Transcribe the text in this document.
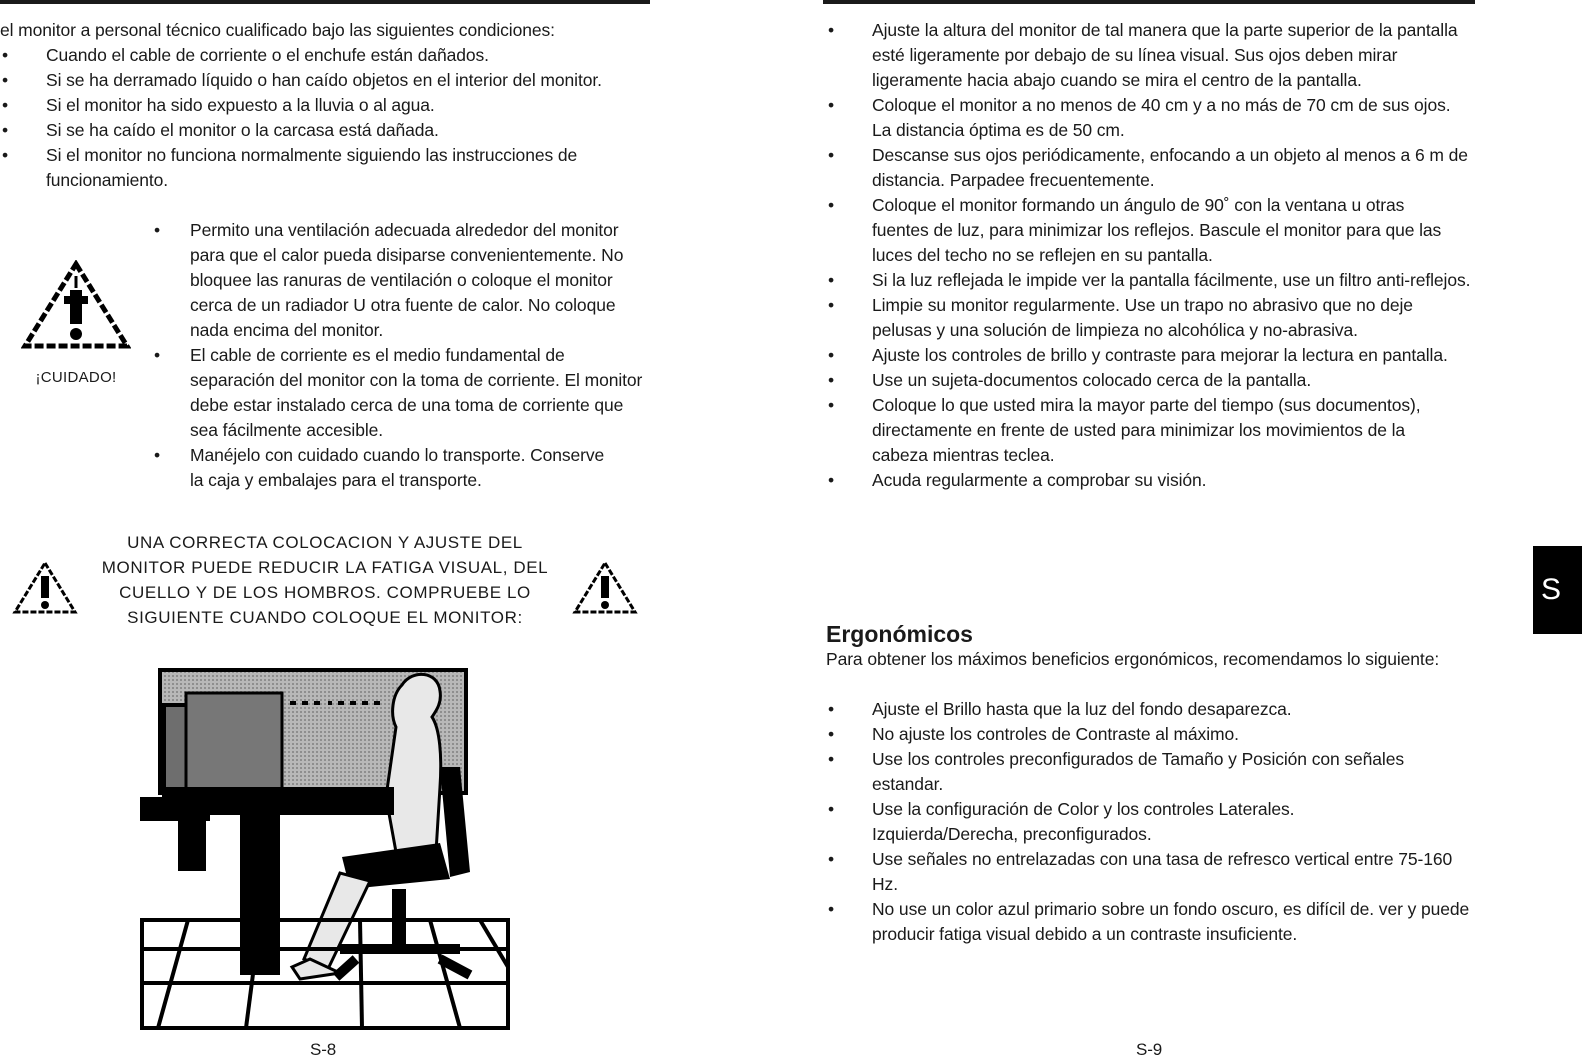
el monitor a personal técnico cualificado bajo las siguientes condiciones:
• Cuando el cable de corriente o el enchufe están dañados.
• Si se ha derramado líquido o han caído objetos en el interior del monitor.
• Si el monitor ha sido expuesto a la lluvia o al agua.
• Si se ha caído el monitor o la carcasa está dañada.
• Si el monitor no funciona normalmente siguiendo las instrucciones de funcionamiento.
¡CUIDADO!
• Permito una ventilación adecuada alrededor del monitor para que el calor pueda disiparse convenientemente. No bloquee las ranuras de ventilación o coloque el monitor cerca de un radiador U otra fuente de calor. No coloque nada encima del monitor.
• El cable de corriente es el medio fundamental de separación del monitor con la toma de corriente. El monitor debe estar instalado cerca de una toma de corriente que sea fácilmente accesible.
• Manéjelo con cuidado cuando lo transporte. Conserve la caja y embalajes para el transporte.
UNA CORRECTA COLOCACION Y AJUSTE DEL
MONITOR PUEDE REDUCIR LA FATIGA VISUAL, DEL
CUELLO Y DE LOS HOMBROS. COMPRUEBE LO
SIGUIENTE CUANDO COLOQUE EL MONITOR:
S-8
• Ajuste la altura del monitor de tal manera que la parte superior de la pantalla esté ligeramente por debajo de su línea visual. Sus ojos deben mirar ligeramente hacia abajo cuando se mira el centro de la pantalla.
• Coloque el monitor a no menos de 40 cm y a no más de 70 cm de sus ojos. La distancia óptima es de 50 cm.
• Descanse sus ojos periódicamente, enfocando a un objeto al menos a 6 m de distancia. Parpadee frecuentemente.
• Coloque el monitor formando un ángulo de 90˚ con la ventana u otras fuentes de luz, para minimizar los reflejos. Bascule el monitor para que las luces del techo no se reflejen en su pantalla.
• Si la luz reflejada le impide ver la pantalla fácilmente, use un filtro anti-reflejos.
• Limpie su monitor regularmente. Use un trapo no abrasivo que no deje pelusas y una solución de limpieza no alcohólica y no-abrasiva.
• Ajuste los controles de brillo y contraste para mejorar la lectura en pantalla.
• Use un sujeta-documentos colocado cerca de la pantalla.
• Coloque lo que usted mira la mayor parte del tiempo (sus documentos), directamente en frente de usted para minimizar los movimientos de la cabeza mientras teclea.
• Acuda regularmente a comprobar su visión.
Ergonómicos
Para obtener los máximos beneficios ergonómicos, recomendamos lo siguiente:
• Ajuste el Brillo hasta que la luz del fondo desaparezca.
• No ajuste los controles de Contraste al máximo.
• Use los controles preconfigurados de Tamaño y Posición con señales estandar.
• Use la configuración de Color y los controles Laterales. Izquierda/Derecha, preconfigurados.
• Use señales no entrelazadas con una tasa de refresco vertical entre 75-160 Hz.
• No use un color azul primario sobre un fondo oscuro, es difícil de. ver y puede producir fatiga visual debido a un contraste insuficiente.
S-9
S
